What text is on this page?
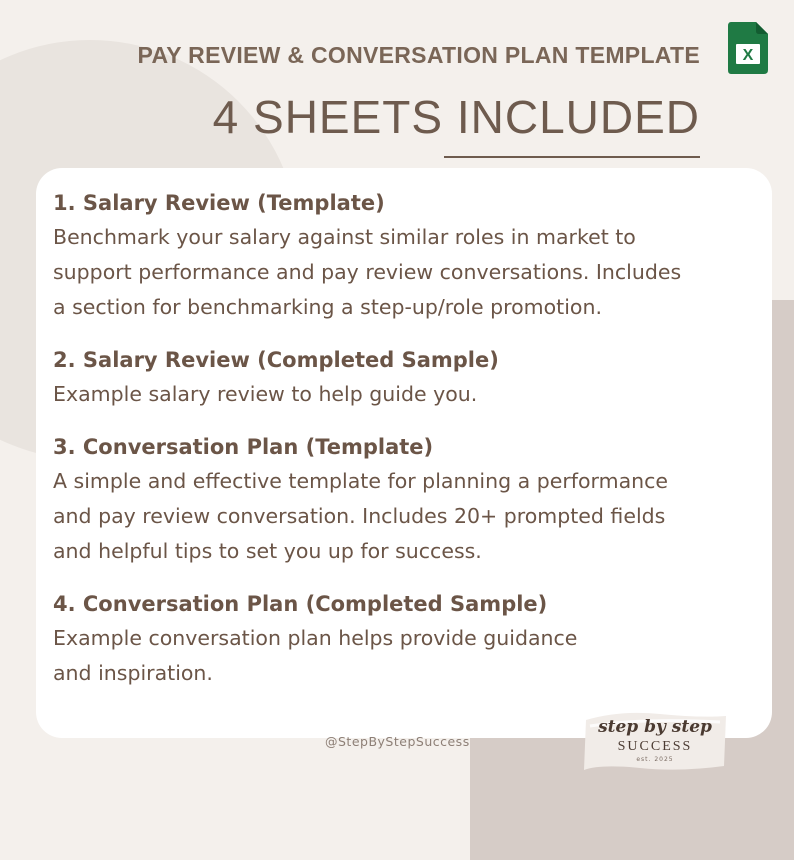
PAY REVIEW & CONVERSATION PLAN TEMPLATE	X
4 SHEETS INCLUDED
1. Salary Review (Template)
Benchmark your salary against similar roles in market to
support performance and pay review conversations. Includes
a section for benchmarking a step-up/role promotion.
2. Salary Review (Completed Sample)
Example salary review to help guide you.
3. Conversation Plan (Template)
A simple and effective template for planning a performance
and pay review conversation. Includes 20+ prompted fields
and helpful tips to set you up for success.
4. Conversation Plan (Completed Sample)
Example conversation plan helps provide guidance
and inspiration.
@StepByStepSuccess
step by step
SUCCESS
est. 2025
